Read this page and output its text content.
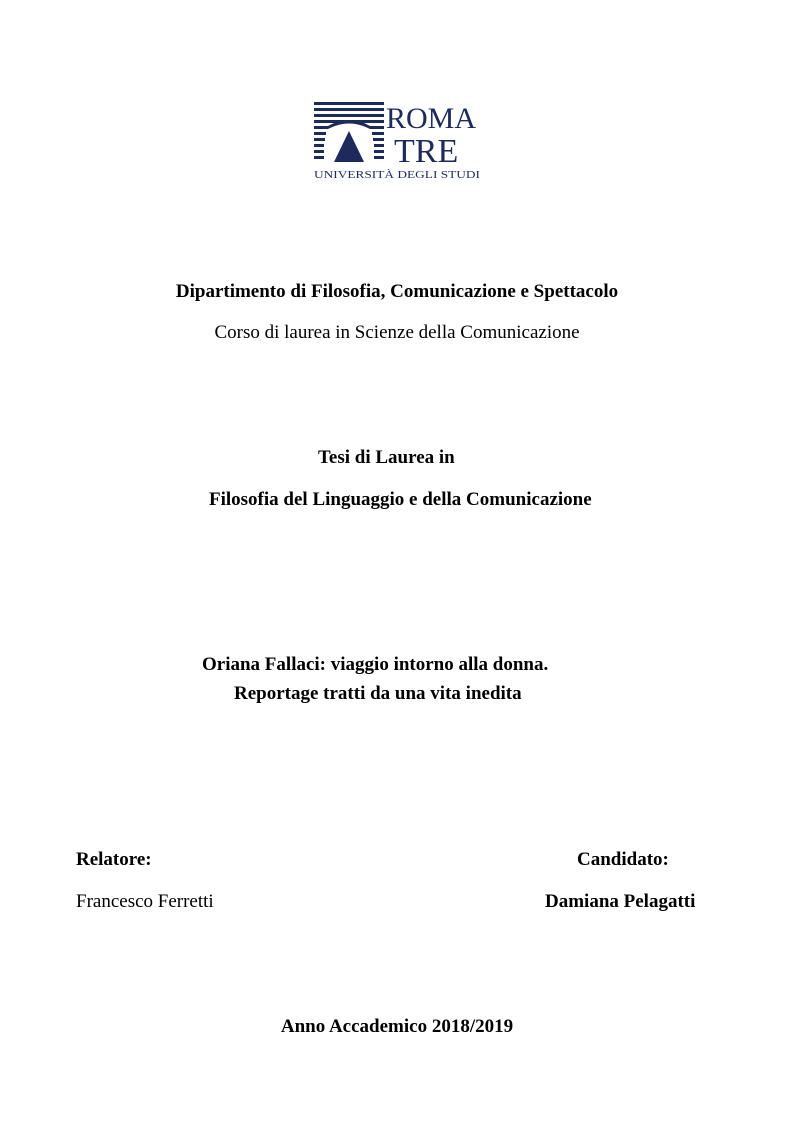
ROMA
TRE
UNIVERSITÀ DEGLI STUDI
Dipartimento di Filosofia, Comunicazione e Spettacolo
Corso di laurea in Scienze della Comunicazione
Tesi di Laurea in
Filosofia del Linguaggio e della Comunicazione
Oriana Fallaci: viaggio intorno alla donna.
Reportage tratti da una vita inedita
Relatore:	Candidato:
Francesco Ferretti	Damiana Pelagatti
Anno Accademico 2018/2019
